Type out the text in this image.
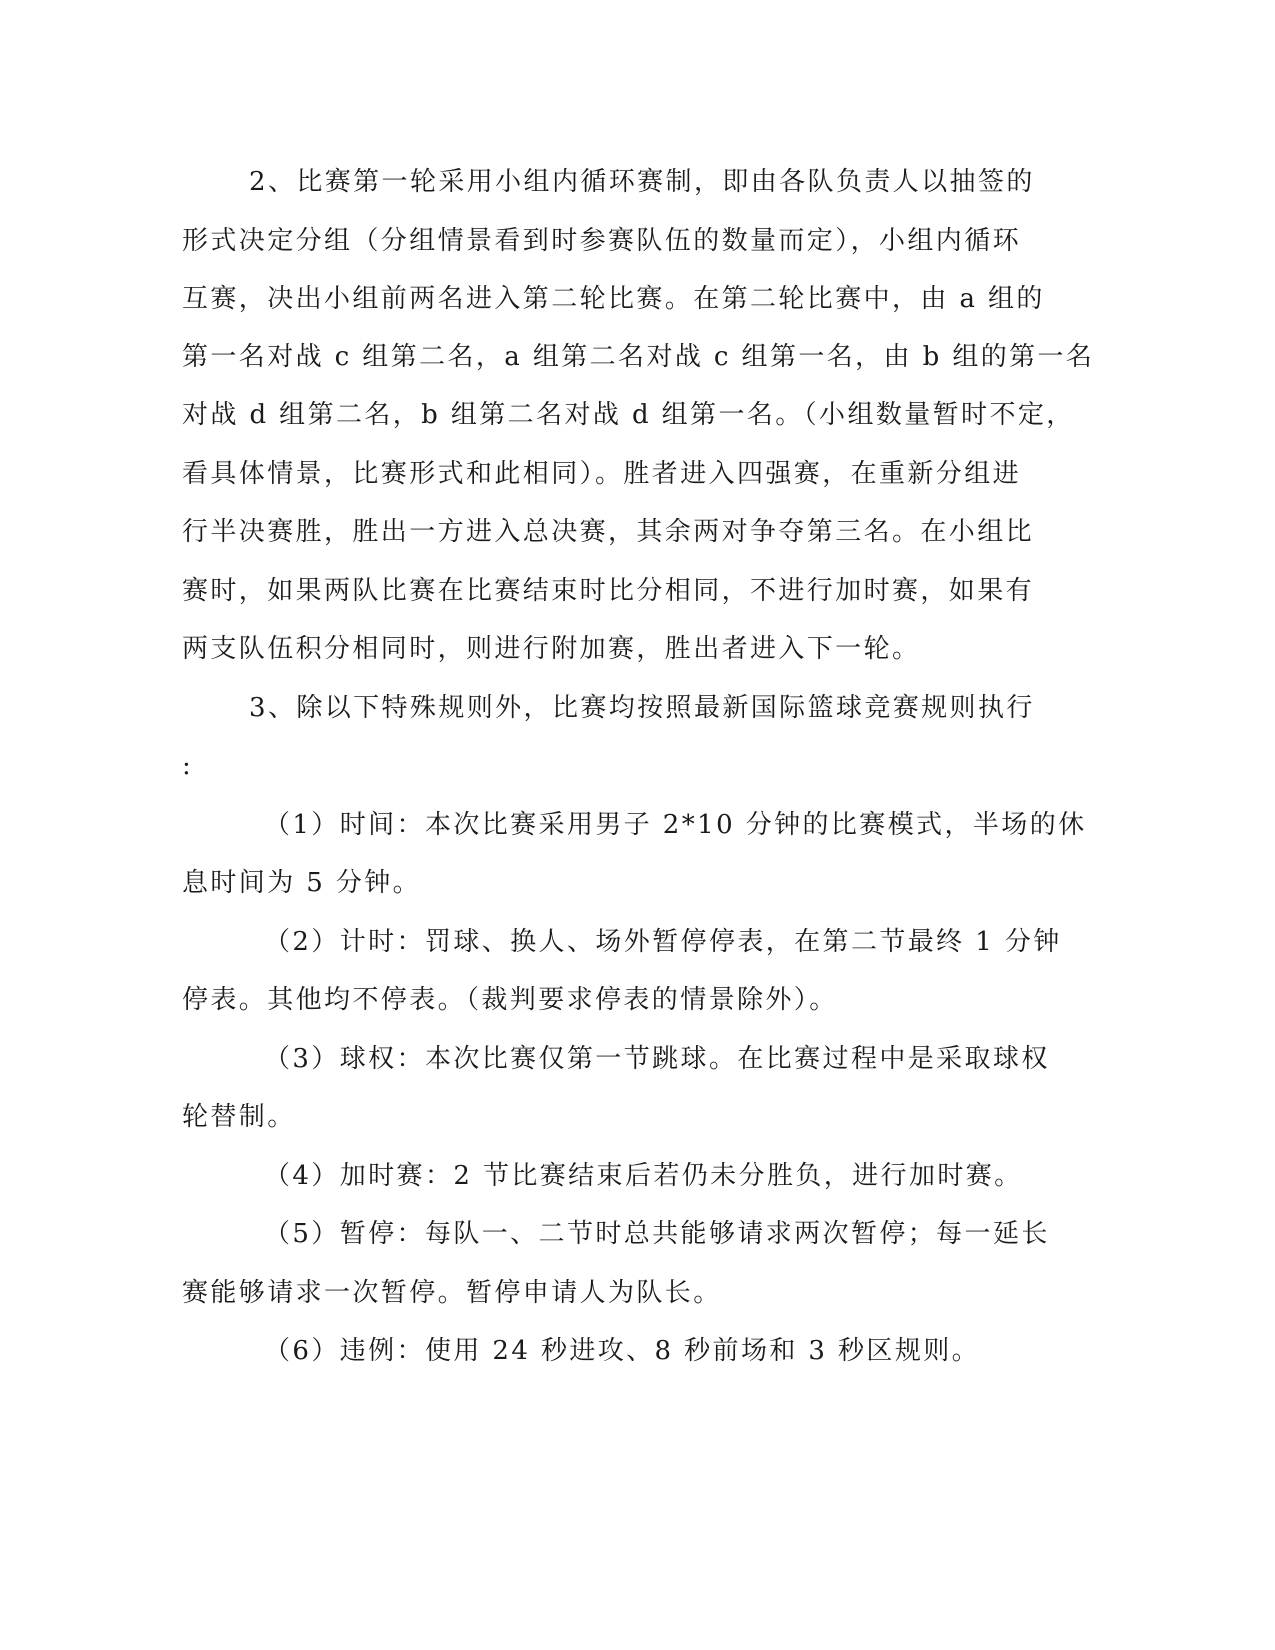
2、比赛第一轮采用小组内循环赛制，即由各队负责人以抽签的

形式决定分组（分组情景看到时参赛队伍的数量而定），小组内循环

互赛，决出小组前两名进入第二轮比赛。在第二轮比赛中，由 a 组的

第一名对战 c 组第二名，a 组第二名对战 c 组第一名，由 b 组的第一名

对战 d 组第二名，b 组第二名对战 d 组第一名。（小组数量暂时不定，

看具体情景，比赛形式和此相同）。胜者进入四强赛，在重新分组进

行半决赛胜，胜出一方进入总决赛，其余两对争夺第三名。在小组比

赛时，如果两队比赛在比赛结束时比分相同，不进行加时赛，如果有

两支队伍积分相同时，则进行附加赛，胜出者进入下一轮。

3、除以下特殊规则外，比赛均按照最新国际篮球竞赛规则执行

:

（1）时间：本次比赛采用男子 2*10 分钟的比赛模式，半场的休

息时间为 5 分钟。

（2）计时：罚球、换人、场外暂停停表，在第二节最终 1 分钟

停表。其他均不停表。（裁判要求停表的情景除外）。

（3）球权：本次比赛仅第一节跳球。在比赛过程中是采取球权

轮替制。

（4）加时赛：2 节比赛结束后若仍未分胜负，进行加时赛。

（5）暂停：每队一、二节时总共能够请求两次暂停；每一延长

赛能够请求一次暂停。暂停申请人为队长。

（6）违例：使用 24 秒进攻、8 秒前场和 3 秒区规则。
